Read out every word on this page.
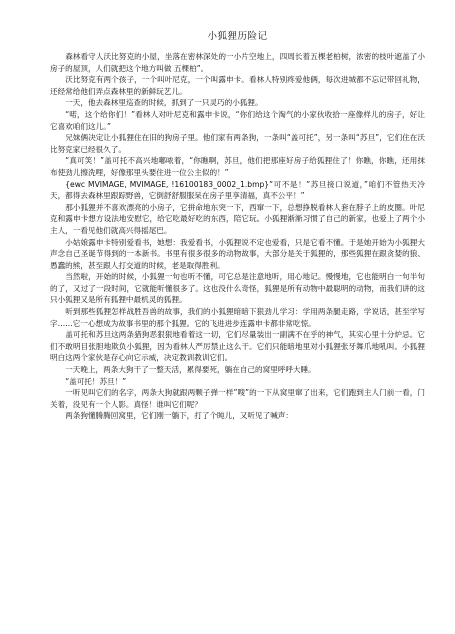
小狐狸历险记

森林看守人沃比努克的小屋，坐落在密林深处的一小片空地上，四周长着五棵老柏树，浓密的枝叶遮盖了小房子的屋顶，人们就把这个地方叫做 五棵柏”。

沃比努克有两个孩子，一个叫叶尼克，一个叫露申卡。看林人特别疼爱他俩，每次进城都不忘记带回礼物，还经常给他们弄点森林里的新鲜玩艺儿。

一天，他去森林里巡查的时候，抓到了一只灵巧的小狐狸。

“喏，这个给你们！”看林人对叶尼克和露申卡说，“你们给这个淘气的小家伙收拾一座像样儿的房子，好让它喜欢咱们这儿。”

兄妹俩决定让小狐狸住在旧的狗房子里。他们家有两条狗，一条叫“盖可托”，另一条叫“苏旦”，它们住在沃比努克家已经很久了。

“真可笑！”盖可托不高兴地嘟哝着，“你瞧啊，苏旦，他们把那座好房子给狐狸住了！你瞧，你瞧，还用抹布使劲儿擦洗哩，好像那里头要住进一位公主似的！”

{ewc MVIMAGE, MVIMAGE, !16100183_0002_1.bmp}”可不是！”苏旦接口说道，”咱们不管热天冷天，都得去森林里跟踪野兽，它倒舒舒服服呆在房子里享清福，真不公平！”

那小狐狸并不喜欢漂亮的小房子，它拼命地东突一下，西窜一下，总想挣脱看林人套在脖子上的皮圈。叶尼克和露申卡想方设法地安慰它，给它吃最好吃的东西，陪它玩。小狐狸渐渐习惯了自己的新家，也爱上了两个小主人，一看见他们就高兴得摇尾巴。

小姑娘露申卡特别爱看书，她想：我爱看书，小狐狸说不定也爱看，只是它看不懂。于是她开始为小狐狸大声念自己圣诞节得到的一本新书。书里有很多很多的动物故事，大部分是关于狐狸的，那些狐狸在跟贪婪的狼、愚蠢的熊，甚至跟人打交道的时候，老是取得胜利。

当然啦，开始的时候，小狐狸一句也听不懂，可它总是注意地听，用心地记。慢慢地，它也能明白一句半句的了，又过了一段时间，它就能听懂很多了。这也没什么奇怪，狐狸是所有动物中最聪明的动物，而我们讲的这只小狐狸又是所有狐狸中最机灵的狐狸。

听到那些狐狸怎样战胜吾兽的故事，我们的小狐狸暗暗下狠劲儿学习：学用两条腿走路，学说话，甚至学写字……它一心想成为故事书里的那个狐狸。它的飞进进步连露申卡都非常吃惊。

盖可托和苏旦这两条猎狗恶狠狠地看着这一切，它们尽量装出一副满不在乎的神气，其实心里十分炉忌。它们不敢明目张胆地欺负小狐狸，因为看林人严厉禁止这么干。它们只能暗地里对小狐狸张牙舞爪地吼叫。小狐狸明白这两个家伙是存心向它示威，决定教训教训它们。

一天晚上，两条大狗干了一整天活，累得要死，躺在自己的窝里呼呼大睡。

“盖可托！苏旦！”

一听见叫它们的名字，两条大狗就跟两颗子弹一样”嗖”的一下从窝里窜了出来，它们跑到主人门前一看，门关着，没见有一个人影。真怪！谁叫它们呢？

两条狗懂腾腾回窝里，它们刚一躺下，打了个盹儿，又听见了喊声：
